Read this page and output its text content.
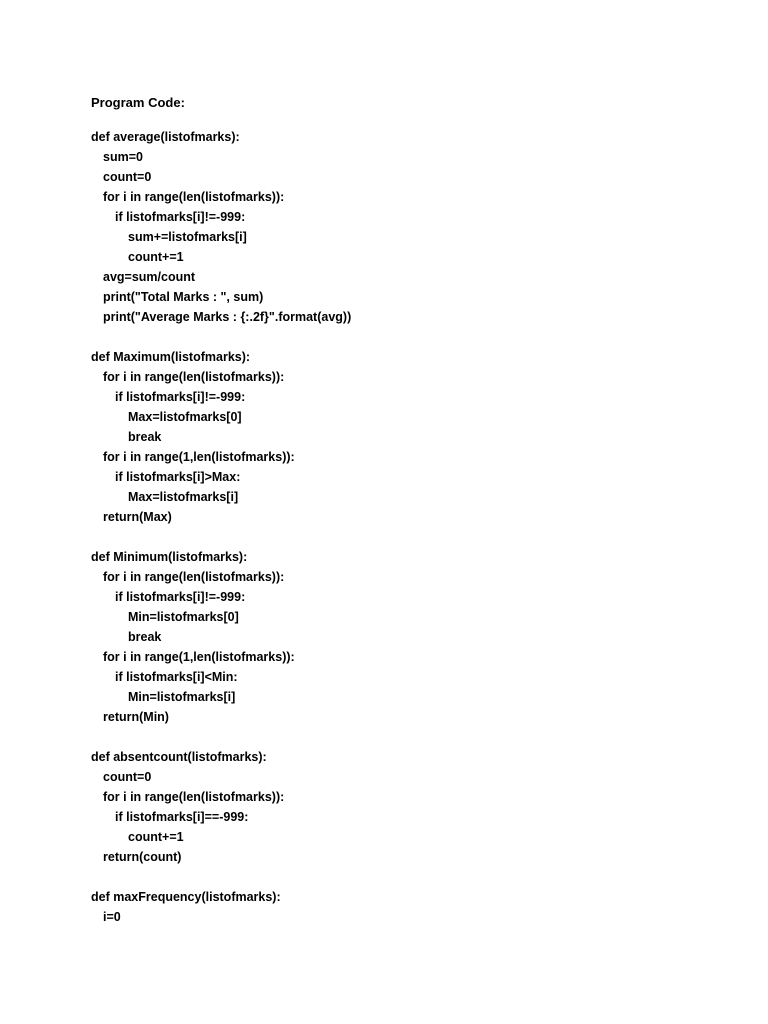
Program Code:
def average(listofmarks):
sum=0
count=0
for i in range(len(listofmarks)):
if listofmarks[i]!=-999:
sum+=listofmarks[i]
count+=1
avg=sum/count
print("Total Marks : ", sum)
print("Average Marks : {:.2f}".format(avg))
def Maximum(listofmarks):
for i in range(len(listofmarks)):
if listofmarks[i]!=-999:
Max=listofmarks[0]
break
for i in range(1,len(listofmarks)):
if listofmarks[i]>Max:
Max=listofmarks[i]
return(Max)
def Minimum(listofmarks):
for i in range(len(listofmarks)):
if listofmarks[i]!=-999:
Min=listofmarks[0]
break
for i in range(1,len(listofmarks)):
if listofmarks[i]<Min:
Min=listofmarks[i]
return(Min)
def absentcount(listofmarks):
count=0
for i in range(len(listofmarks)):
if listofmarks[i]==-999:
count+=1
return(count)
def maxFrequency(listofmarks):
i=0
